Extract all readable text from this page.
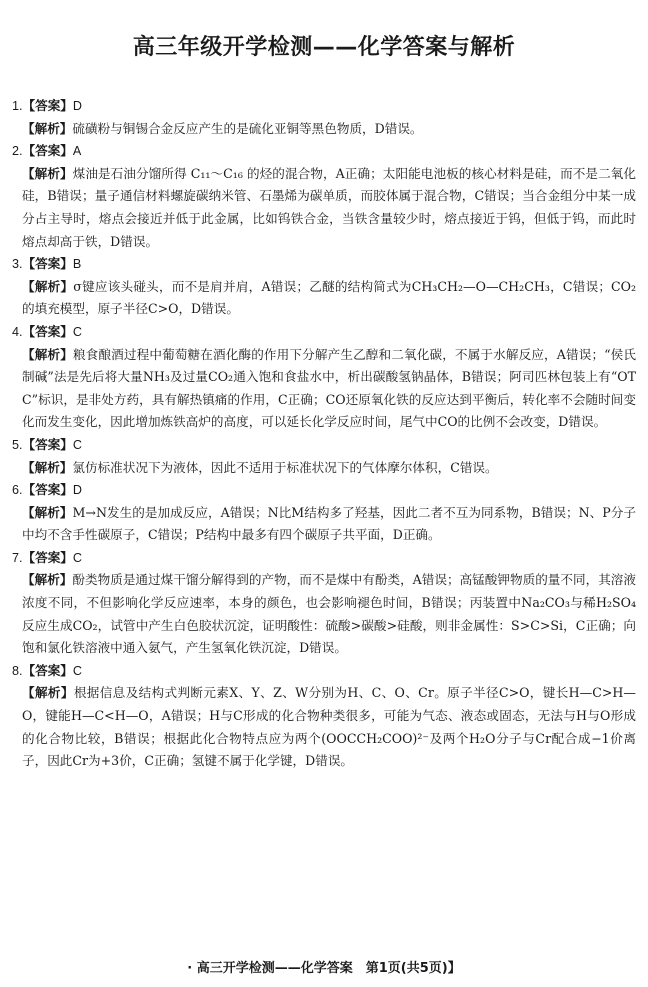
高三年级开学检测——化学答案与解析
1.【答案】D
【解析】硫磺粉与铜锡合金反应产生的是硫化亚铜等黑色物质，D错误。
2.【答案】A
【解析】煤油是石油分馏所得 C₁₁～C₁₆ 的烃的混合物，A正确；太阳能电池板的核心材料是硅，而不是二氧化硅，B错误；量子通信材料螺旋碳纳米管、石墨烯为碳单质，而胶体属于混合物，C错误；当合金组分中某一成分占主导时，熔点会接近并低于此金属，比如钨铁合金，当铁含量较少时，熔点接近于钨，但低于钨，而此时熔点却高于铁，D错误。
3.【答案】B
【解析】σ键应该头碰头，而不是肩并肩，A错误；乙醚的结构简式为CH₃CH₂—O—CH₂CH₃，C错误；CO₂的填充模型，原子半径C>O，D错误。
4.【答案】C
【解析】粮食酿酒过程中葡萄糖在酒化酶的作用下分解产生乙醇和二氧化碳，不属于水解反应，A错误；“侯氏制碱”法是先后将大量NH₃及过量CO₂通入饱和食盐水中，析出碳酸氢钠晶体，B错误；阿司匹林包装上有“OTC”标识，是非处方药，具有解热镇痛的作用，C正确；CO还原氧化铁的反应达到平衡后，转化率不会随时间变化而发生变化，因此增加炼铁高炉的高度，可以延长化学反应时间，尾气中CO的比例不会改变，D错误。
5.【答案】C
【解析】氯仿标准状况下为液体，因此不适用于标准状况下的气体摩尔体积，C错误。
6.【答案】D
【解析】M→N发生的是加成反应，A错误；N比M结构多了羟基，因此二者不互为同系物，B错误；N、P分子中均不含手性碳原子，C错误；P结构中最多有四个碳原子共平面，D正确。
7.【答案】C
【解析】酚类物质是通过煤干馏分解得到的产物，而不是煤中有酚类，A错误；高锰酸钾物质的量不同，其溶液浓度不同，不但影响化学反应速率，本身的颜色，也会影响褪色时间，B错误；丙装置中Na₂CO₃与稀H₂SO₄反应生成CO₂，试管中产生白色胶状沉淀，证明酸性：硫酸>碳酸>硅酸，则非金属性：S>C>Si，C正确；向饱和氯化铁溶液中通入氨气，产生氢氧化铁沉淀，D错误。
8.【答案】C
【解析】根据信息及结构式判断元素X、Y、Z、W分别为H、C、O、Cr。原子半径C>O，键长H—C>H—O，键能H—C<H—O，A错误；H与C形成的化合物种类很多，可能为气态、液态或固态，无法与H与O形成的化合物比较，B错误；根据此化合物特点应为两个(OOCCH₂COO)²⁻及两个H₂O分子与Cr配合成−1价离子，因此Cr为+3价，C正确；氢键不属于化学键，D错误。
· 高三开学检测——化学答案　第1页(共5页)】
